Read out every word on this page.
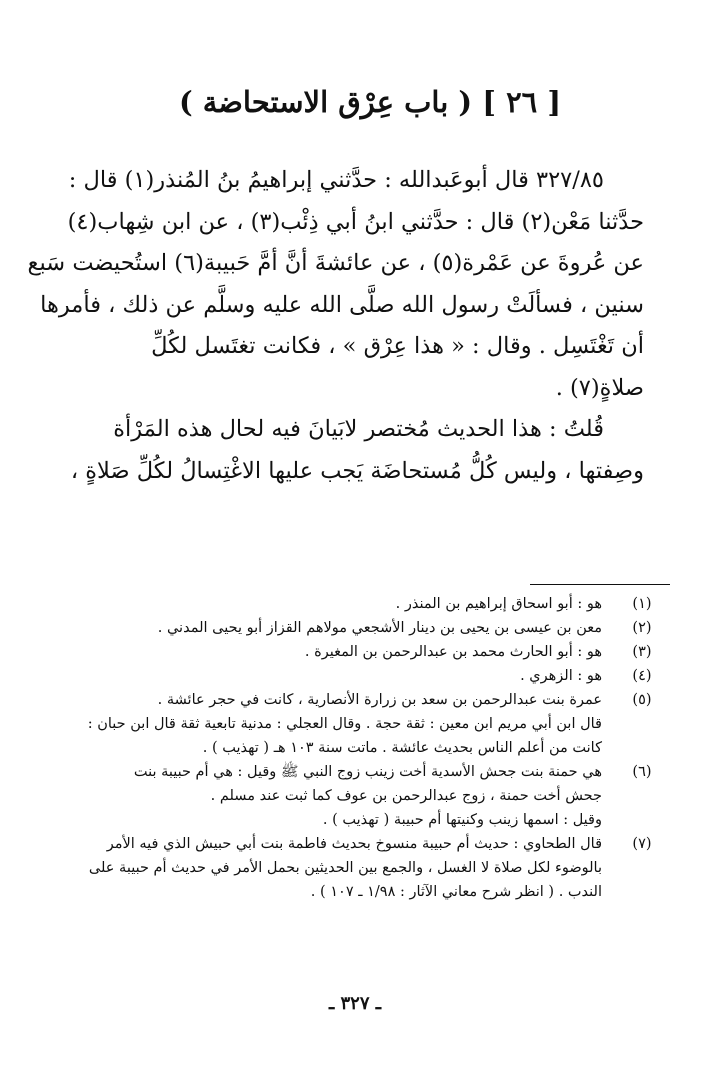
[ ٢٦ ] ( باب عِرْق الاستحاضة )
٣٢٧/٨٥ قال أبوعَبدالله : حدَّثني إبراهيمُ بنُ المُنذر(١) قال :
حدَّثنا مَعْن(٢) قال : حدَّثني ابنُ أبي ذِئْب(٣) ، عن ابن شِهاب(٤)
عن عُروةَ عن عَمْرة(٥) ، عن عائشةَ أنَّ أمَّ حَبيبة(٦) استُحيضت سَبع
سنين ، فسألَتْ رسول الله صلَّى الله عليه وسلَّم عن ذلك ، فأمرها
أن تَغْتَسِل . وقال : « هذا عِرْق » ، فكانت تغتَسل لكُلِّ
صلاةٍ(٧) .
قُلتُ : هذا الحديث مُختصر لابَيانَ فيه لحال هذه المَرْأة
وصِفتها ، وليس كُلُّ مُستحاضَة يَجب عليها الاغْتِسالُ لكُلِّ صَلاةٍ ،
(١)
هو : أبو اسحاق إبراهيم بن المنذر .
(٢)
معن بن عيسى بن يحيى بن دينار الأشجعي مولاهم القزاز أبو يحيى المدني .
(٣)
هو : أبو الحارث محمد بن عبدالرحمن بن المغيرة .
(٤)
هو : الزهري .
(٥)
عمرة بنت عبدالرحمن بن سعد بن زرارة الأنصارية ، كانت في حجر عائشة .
قال ابن أبي مريم ابن معين : ثقة حجة . وقال العجلي : مدنية تابعية ثقة قال ابن حبان :
كانت من أعلم الناس بحديث عائشة . ماتت سنة ١٠٣ هـ ( تهذيب ) .
(٦)
هي حمنة بنت جحش الأسدية أخت زينب زوج النبي ﷺ وقيل : هي أم حبيبة بنت
جحش أخت حمنة ، زوج عبدالرحمن بن عوف كما ثبت عند مسلم .
وقيل : اسمها زينب وكنيتها أم حبيبة ( تهذيب ) .
(٧)
قال الطحاوي : حديث أم حبيبة منسوخ بحديث فاطمة بنت أبي حبيش الذي فيه الأمر
بالوضوء لكل صلاة لا الغسل ، والجمع بين الحديثين بحمل الأمر في حديث أم حبيبة على
الندب . ( انظر شرح معاني الآثار : ١/٩٨ ـ ١٠٧ ) .
ـ ٣٢٧ ـ
